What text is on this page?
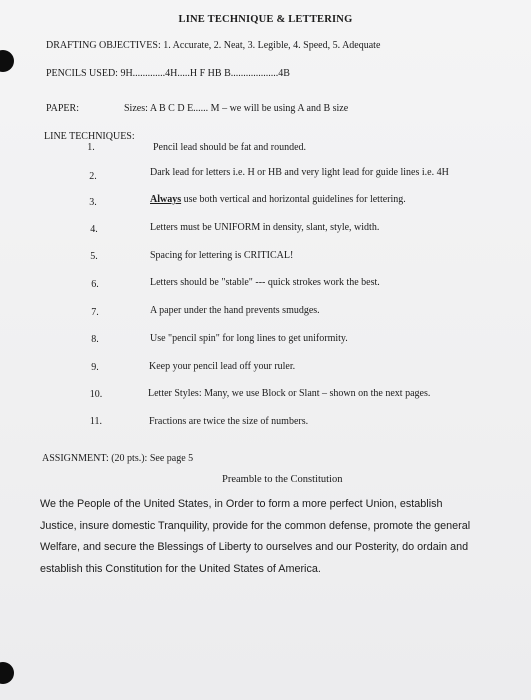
LINE TECHNIQUE & LETTERING
DRAFTING OBJECTIVES: 1. Accurate, 2. Neat, 3. Legible, 4. Speed, 5. Adequate
PENCILS USED: 9H.............4H.....H F HB B...................4B
PAPER:	Sizes: A B C D E...... M – we will be using A and B size
LINE TECHNIQUES:
1.	Pencil lead should be fat and rounded.
2.	Dark lead for letters i.e. H or HB and very light lead for guide lines i.e. 4H
3.	Always use both vertical and horizontal guidelines for lettering.
4.	Letters must be UNIFORM in density, slant, style, width.
5.	Spacing for lettering is CRITICAL!
6.	Letters should be "stable" --- quick strokes work the best.
7.	A paper under the hand prevents smudges.
8.	Use "pencil spin" for long lines to get uniformity.
9.	Keep your pencil lead off your ruler.
10.	Letter Styles: Many, we use Block or Slant – shown on the next pages.
11.	Fractions are twice the size of numbers.
ASSIGNMENT: (20 pts.): See page 5
Preamble to the Constitution
We the People of the United States, in Order to form a more perfect Union, establish
Justice, insure domestic Tranquility, provide for the common defense, promote the general
Welfare, and secure the Blessings of Liberty to ourselves and our Posterity, do ordain and
establish this Constitution for the United States of America.
